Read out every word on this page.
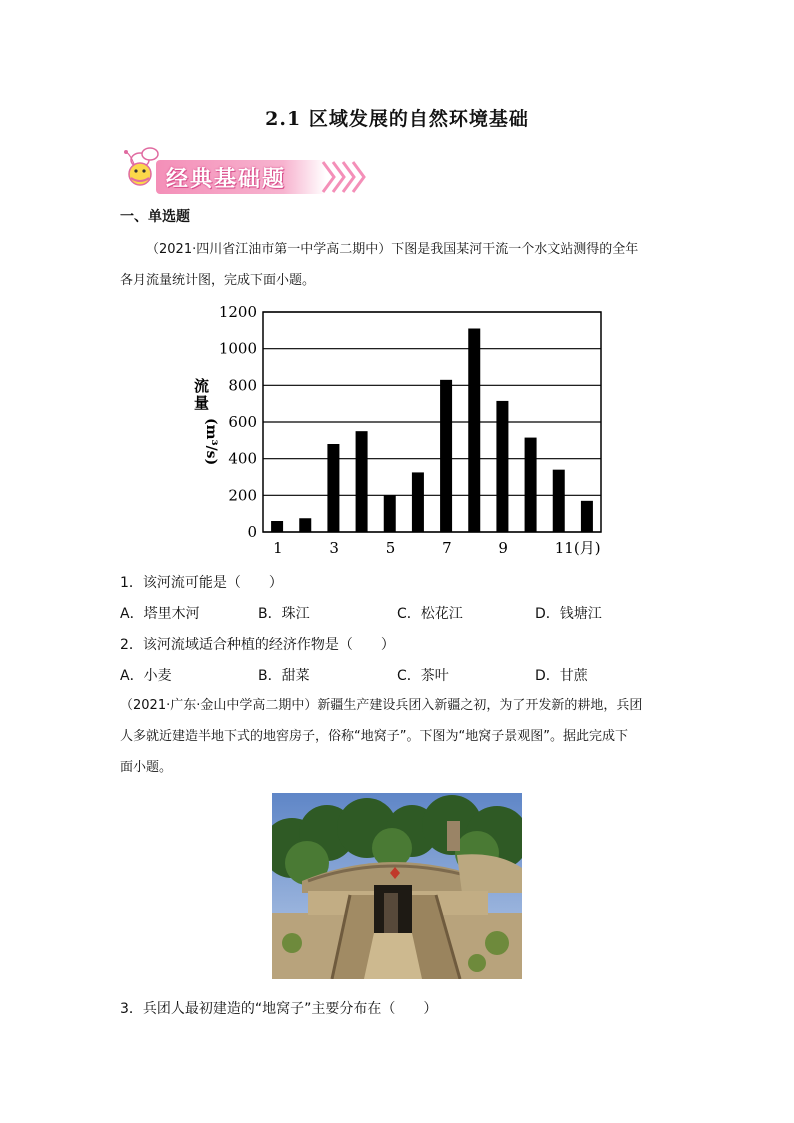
2.1 区域发展的自然环境基础
经典基础题
一、单选题
（2021·四川省江油市第一中学高二期中）下图是我国某河干流一个水文站测得的全年
各月流量统计图，完成下面小题。
0
200
400
600
800
1000
1200
1	3	5	7	9	11(月)
流量
(m³/s)
1．该河流可能是（　　）
A．塔里木河	B．珠江	C．松花江	D．钱塘江
2．该河流域适合种植的经济作物是（　　）
A．小麦	B．甜菜	C．茶叶	D．甘蔗
（2021·广东·金山中学高二期中）新疆生产建设兵团入新疆之初，为了开发新的耕地，兵团
人多就近建造半地下式的地窖房子，俗称“地窝子”。下图为“地窝子景观图”。据此完成下
面小题。
3．兵团人最初建造的“地窝子”主要分布在（　　）
